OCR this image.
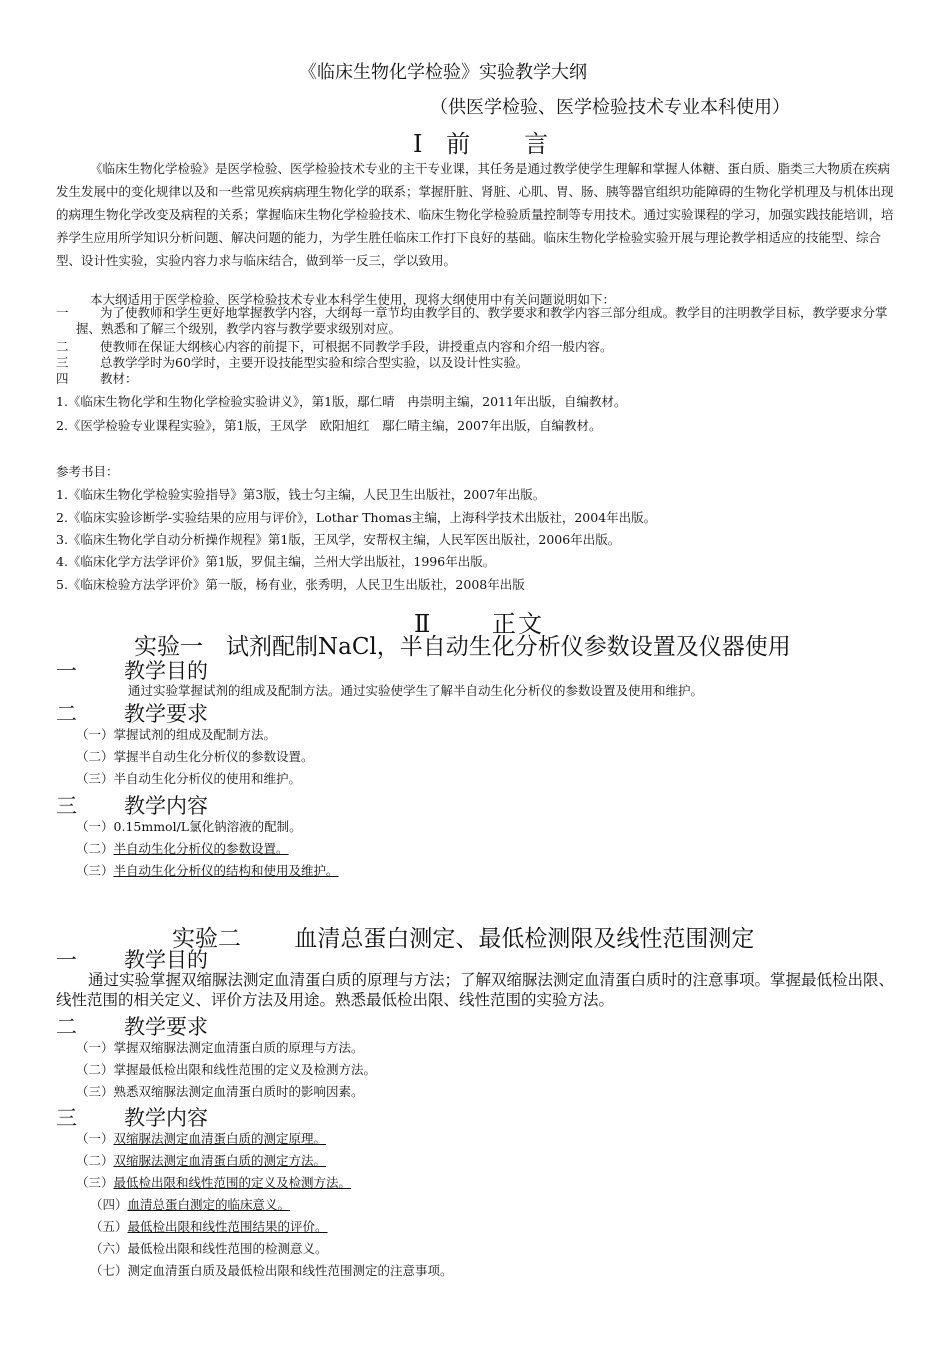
《临床生物化学检验》实验教学大纲
（供医学检验、医学检验技术专业本科使用）
Ⅰ 前　　言
《临床生物化学检验》是医学检验、医学检验技术专业的主干专业课，其任务是通过教学使学生理解和掌握人体糖、蛋白质、脂类三大物质在疾病发生发展中的变化规律以及和一些常见疾病病理生物化学的联系；掌握肝脏、肾脏、心肌、胃、肠、胰等器官组织功能障碍的生物化学机理及与机体出现的病理生物化学改变及病程的关系；掌握临床生物化学检验技术、临床生物化学检验质量控制等专用技术。通过实验课程的学习，加强实践技能培训，培养学生应用所学知识分析问题、解决问题的能力，为学生胜任临床工作打下良好的基础。临床生物化学检验实验开展与理论教学相适应的技能型、综合型、设计性实验，实验内容力求与临床结合，做到举一反三，学以致用。
本大纲适用于医学检验、医学检验技术专业本科学生使用，现将大纲使用中有关问题说明如下：
一	为了使教师和学生更好地掌握教学内容，大纲每一章节均由教学目的、教学要求和教学内容三部分组成。教学目的注明教学目标，教学要求分掌握、熟悉和了解三个级别，教学内容与教学要求级别对应。
二	使教师在保证大纲核心内容的前提下，可根据不同教学手段，讲授重点内容和介绍一般内容。
三	总教学学时为60学时，主要开设技能型实验和综合型实验，以及设计性实验。
四	教材：
1.《临床生物化学和生物化学检验实验讲义》，第1版，鄢仁晴　冉崇明主编，2011年出版，自编教材。
2.《医学检验专业课程实验》，第1版，王凤学　欧阳旭红　鄢仁晴主编，2007年出版，自编教材。
参考书目：
1.《临床生物化学检验实验指导》第3版，钱士匀主编，人民卫生出版社，2007年出版。
2.《临床实验诊断学-实验结果的应用与评价》，Lothar Thomas主编，上海科学技术出版社，2004年出版。
3.《临床生物化学自动分析操作规程》第1版，王凤学，安帮权主编，人民军医出版社，2006年出版。
4.《临床化学方法学评价》第1版，罗侃主编，兰州大学出版社，1996年出版。
5.《临床检验方法学评价》第一版，杨有业，张秀明，人民卫生出版社，2008年出版
Ⅱ 正文
实验一　试剂配制NaCl，半自动生化分析仪参数设置及仪器使用
一 教学目的
通过实验掌握试剂的组成及配制方法。通过实验使学生了解半自动生化分析仪的参数设置及使用和维护。
二 教学要求
（一）掌握试剂的组成及配制方法。
（二）掌握半自动生化分析仪的参数设置。
（三）半自动生化分析仪的使用和维护。
三 教学内容
（一）0.15mmol/L氯化钠溶液的配制。
（二）半自动生化分析仪的参数设置。
（三）半自动生化分析仪的结构和使用及维护。
实验二 血清总蛋白测定、最低检测限及线性范围测定
一 教学目的
通过实验掌握双缩脲法测定血清蛋白质的原理与方法；了解双缩脲法测定血清蛋白质时的注意事项。掌握最低检出限、线性范围的相关定义、评价方法及用途。熟悉最低检出限、线性范围的实验方法。
二 教学要求
（一）掌握双缩脲法测定血清蛋白质的原理与方法。
（二）掌握最低检出限和线性范围的定义及检测方法。
（三）熟悉双缩脲法测定血清蛋白质时的影响因素。
三 教学内容
（一）双缩脲法测定血清蛋白质的测定原理。
（二）双缩脲法测定血清蛋白质的测定方法。
（三）最低检出限和线性范围的定义及检测方法。
（四）血清总蛋白测定的临床意义。
（五）最低检出限和线性范围结果的评价。
（六）最低检出限和线性范围的检测意义。
（七）测定血清蛋白质及最低检出限和线性范围测定的注意事项。
